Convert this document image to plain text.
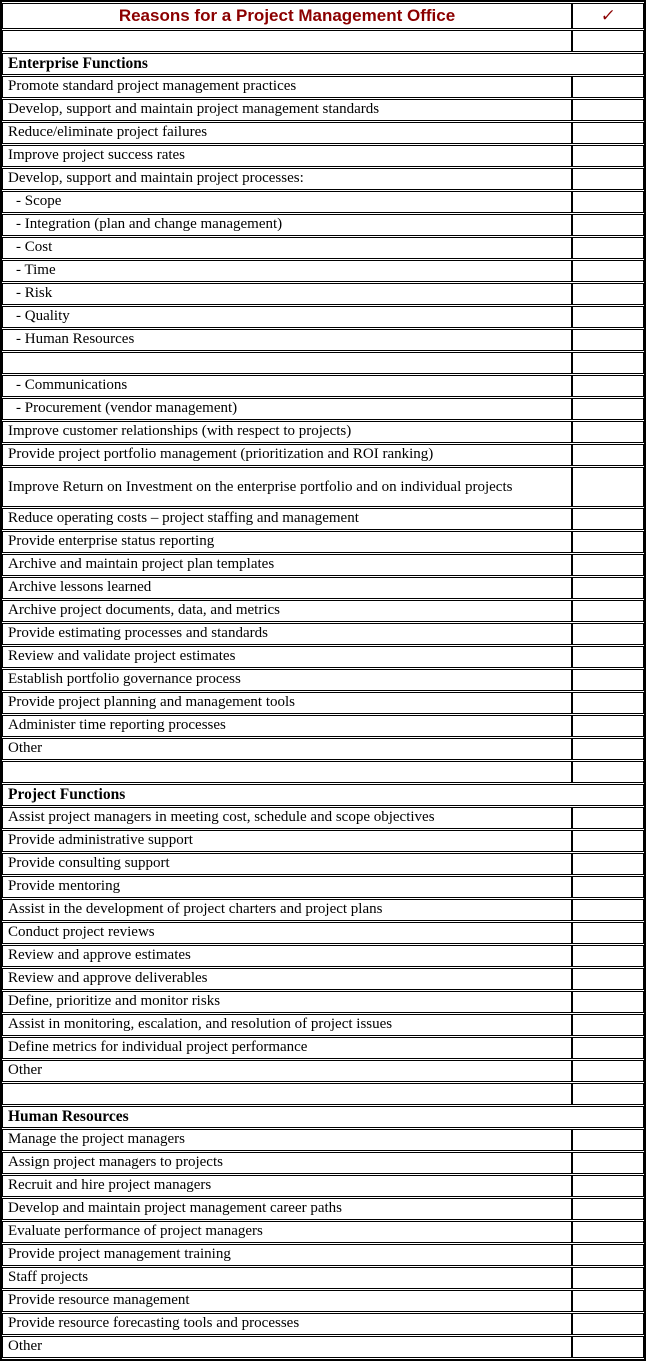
Reasons for a Project Management Office	✓

Enterprise Functions	
Promote standard project management practices	
Develop, support and maintain project management standards	
Reduce/eliminate project failures	
Improve project success rates	
Develop, support and maintain project processes:	
- Scope	
- Integration (plan and change management)	
- Cost	
- Time	
- Risk	
- Quality	
- Human Resources	

- Communications	
- Procurement (vendor management)	
Improve customer relationships (with respect to projects)	
Provide project portfolio management (prioritization and ROI ranking)	
Improve Return on Investment on the enterprise portfolio and on individual projects	
Reduce operating costs – project staffing and management	
Provide enterprise status reporting	
Archive and maintain project plan templates	
Archive lessons learned	
Archive project documents, data, and metrics	
Provide estimating processes and standards	
Review and validate project estimates	
Establish portfolio governance process	
Provide project planning and management tools	
Administer time reporting processes	
Other	

Project Functions	
Assist project managers in meeting cost, schedule and scope objectives	
Provide administrative support	
Provide consulting support	
Provide mentoring	
Assist in the development of project charters and project plans	
Conduct project reviews	
Review and approve estimates	
Review and approve deliverables	
Define, prioritize and monitor risks	
Assist in monitoring, escalation, and resolution of project issues	
Define metrics for individual project performance	
Other	

Human Resources	
Manage the project managers	
Assign project managers to projects	
Recruit and hire project managers	
Develop and maintain project management career paths	
Evaluate performance of project managers	
Provide project management training	
Staff projects	
Provide resource management	
Provide resource forecasting tools and processes	
Other	
